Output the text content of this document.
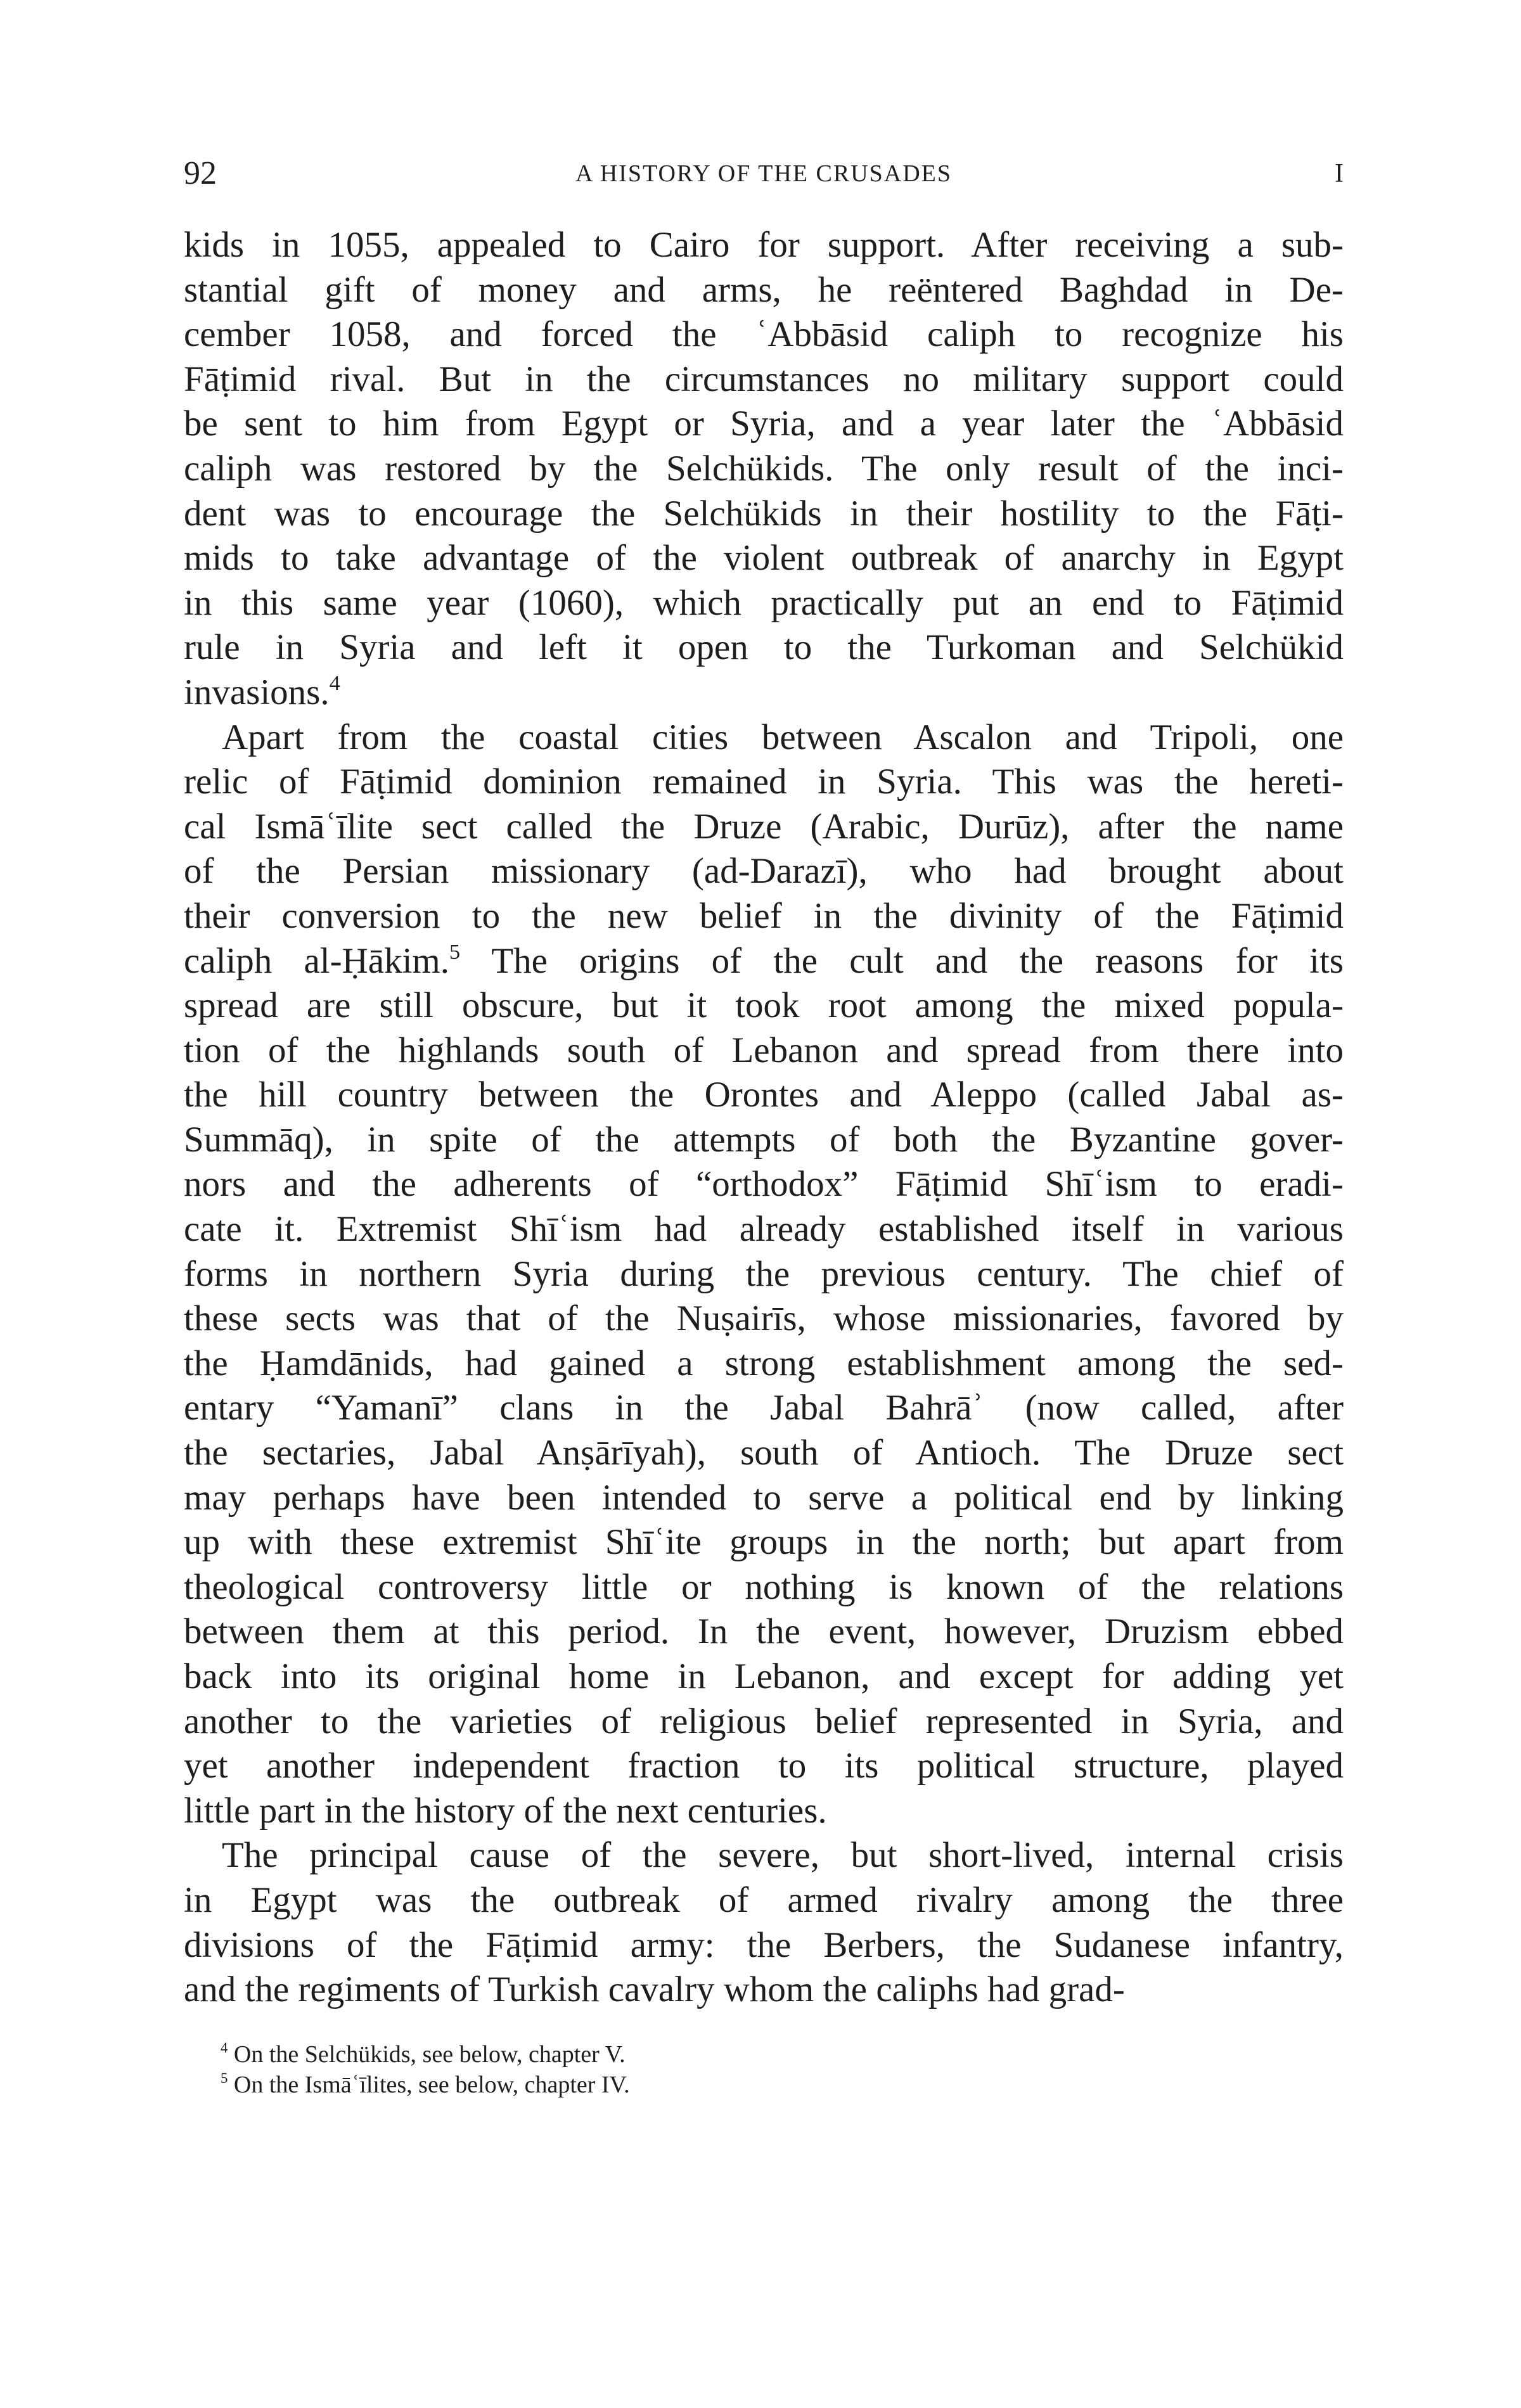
92	A HISTORY OF THE CRUSADES	I
kids in 1055, appealed to Cairo for support. After receiving a sub-
stantial gift of money and arms, he reëntered Baghdad in De-
cember 1058, and forced the ʿAbbāsid caliph to recognize his
Fāṭimid rival. But in the circumstances no military support could
be sent to him from Egypt or Syria, and a year later the ʿAbbāsid
caliph was restored by the Selchükids. The only result of the inci-
dent was to encourage the Selchükids in their hostility to the Fāṭi-
mids to take advantage of the violent outbreak of anarchy in Egypt
in this same year (1060), which practically put an end to Fāṭimid
rule in Syria and left it open to the Turkoman and Selchükid
invasions.$^4$
Apart from the coastal cities between Ascalon and Tripoli, one
relic of Fāṭimid dominion remained in Syria. This was the hereti-
cal Ismāʿīlite sect called the Druze (Arabic, Durūz), after the name
of the Persian missionary (ad-Darazī), who had brought about
their conversion to the new belief in the divinity of the Fāṭimid
caliph al-Ḥākim.$^5$ The origins of the cult and the reasons for its
spread are still obscure, but it took root among the mixed popula-
tion of the highlands south of Lebanon and spread from there into
the hill country between the Orontes and Aleppo (called Jabal as-
Summāq), in spite of the attempts of both the Byzantine gover-
nors and the adherents of “orthodox” Fāṭimid Shīʿism to eradi-
cate it. Extremist Shīʿism had already established itself in various
forms in northern Syria during the previous century. The chief of
these sects was that of the Nuṣairīs, whose missionaries, favored by
the Ḥamdānids, had gained a strong establishment among the sed-
entary “Yamanī” clans in the Jabal Bahrāʾ (now called, after
the sectaries, Jabal Anṣārīyah), south of Antioch. The Druze sect
may perhaps have been intended to serve a political end by linking
up with these extremist Shīʿite groups in the north; but apart from
theological controversy little or nothing is known of the relations
between them at this period. In the event, however, Druzism ebbed
back into its original home in Lebanon, and except for adding yet
another to the varieties of religious belief represented in Syria, and
yet another independent fraction to its political structure, played
little part in the history of the next centuries.
The principal cause of the severe, but short-lived, internal crisis
in Egypt was the outbreak of armed rivalry among the three
divisions of the Fāṭimid army: the Berbers, the Sudanese infantry,
and the regiments of Turkish cavalry whom the caliphs had grad-
$^4$ On the Selchükids, see below, chapter V.
$^5$ On the Ismāʿīlites, see below, chapter IV.
